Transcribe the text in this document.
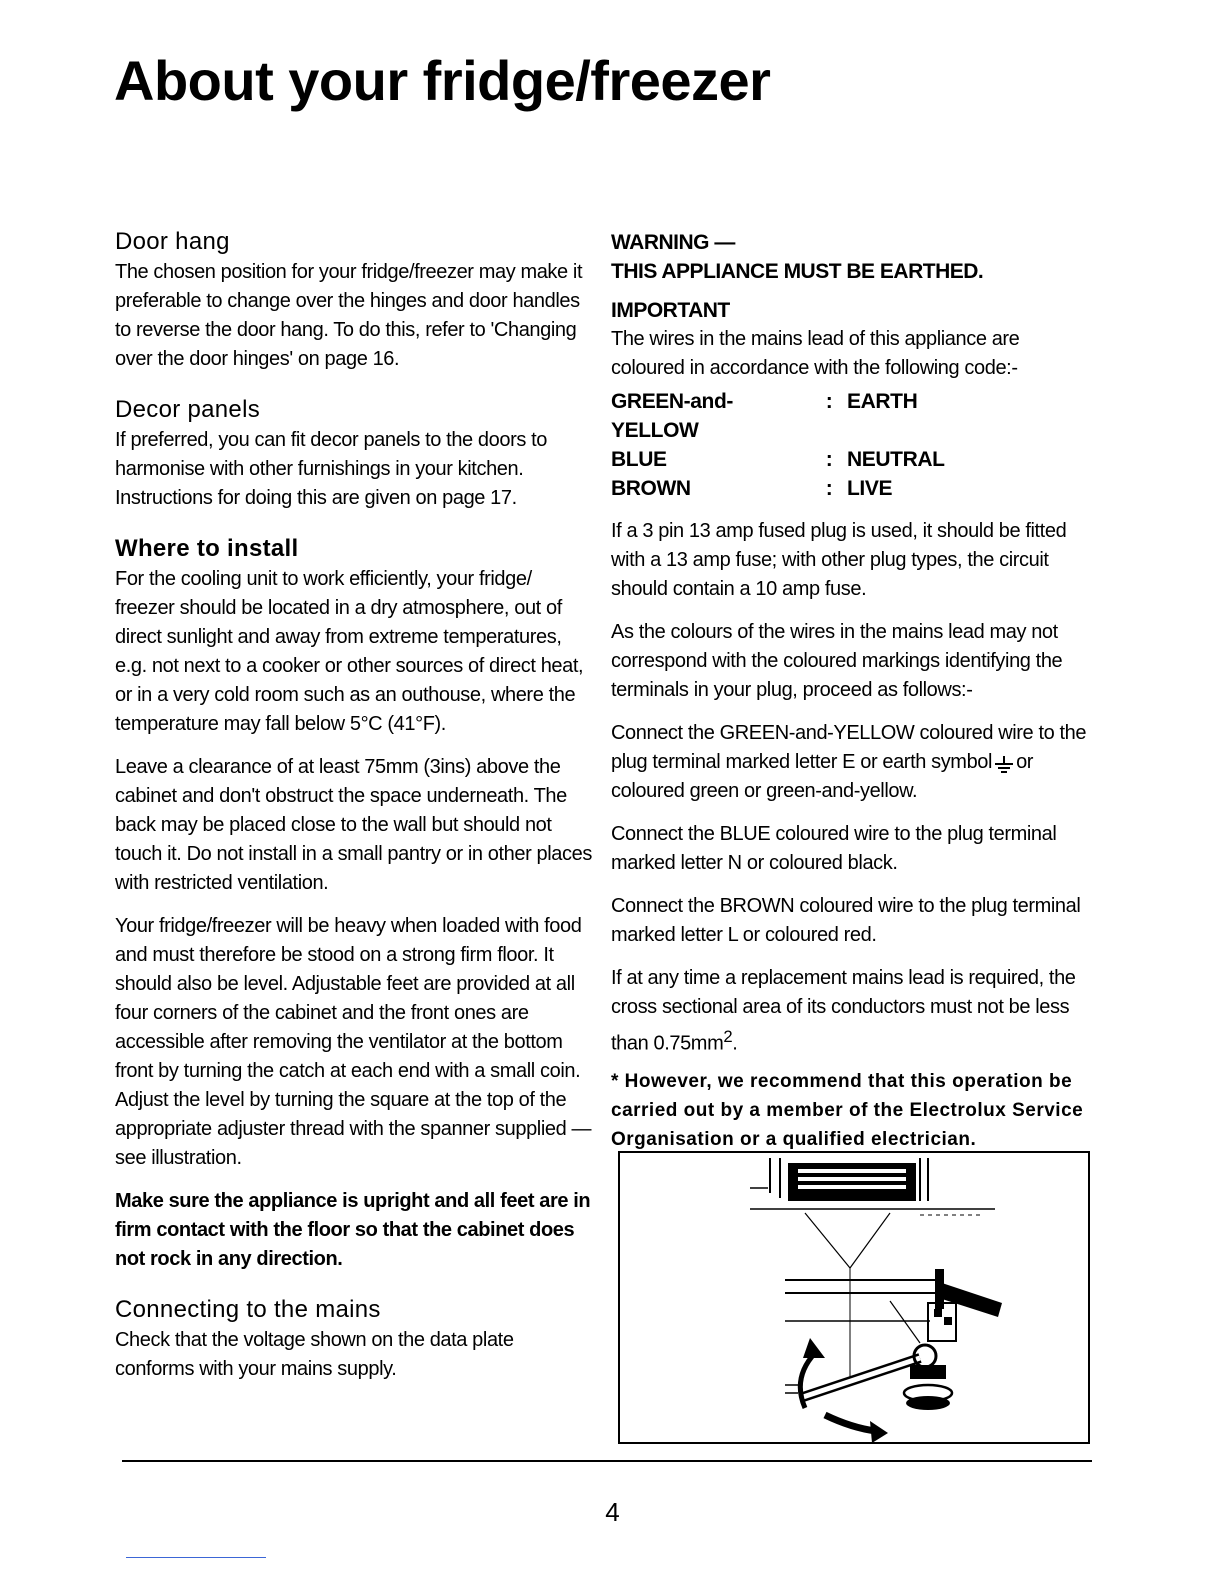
About your fridge/freezer
Door hang

The chosen position for your fridge/freezer may make it preferable to change over the hinges and door handles to reverse the door hang. To do this, refer to 'Changing over the door hinges' on page 16.

Decor panels

If preferred, you can fit decor panels to the doors to harmonise with other furnishings in your kitchen. Instructions for doing this are given on page 17.

Where to install

For the cooling unit to work efficiently, your fridge/ freezer should be located in a dry atmosphere, out of direct sunlight and away from extreme temperatures, e.g. not next to a cooker or other sources of direct heat, or in a very cold room such as an outhouse, where the temperature may fall below 5°C (41°F).

Leave a clearance of at least 75mm (3ins) above the cabinet and don't obstruct the space underneath. The back may be placed close to the wall but should not touch it. Do not install in a small pantry or in other places with restricted ventilation.

Your fridge/freezer will be heavy when loaded with food and must therefore be stood on a strong firm floor. It should also be level. Adjustable feet are provided at all four corners of the cabinet and the front ones are accessible after removing the ventilator at the bottom front by turning the catch at each end with a small coin. Adjust the level by turning the square at the top of the appropriate adjuster thread with the spanner supplied — see illustration.

Make sure the appliance is upright and all feet are in firm contact with the floor so that the cabinet does not rock in any direction.

Connecting to the mains

Check that the voltage shown on the data plate conforms with your mains supply.

WARNING —
THIS APPLIANCE MUST BE EARTHED.
IMPORTANT

The wires in the mains lead of this appliance are coloured in accordance with the following code:-

GREEN-and-YELLOW
: EARTH
BLUE	: NEUTRAL
BROWN	: LIVE

If a 3 pin 13 amp fused plug is used, it should be fitted with a 13 amp fuse; with other plug types, the circuit should contain a 10 amp fuse.

As the colours of the wires in the mains lead may not correspond with the coloured markings identifying the terminals in your plug, proceed as follows:-

Connect the GREEN-and-YELLOW coloured wire to the plug terminal marked letter E or earth symbol or coloured green or green-and-yellow.

Connect the BLUE coloured wire to the plug terminal marked letter N or coloured black.

Connect the BROWN coloured wire to the plug terminal marked letter L or coloured red.

If at any time a replacement mains lead is required, the cross sectional area of its conductors must not be less than $0.75mm^2$.

* However, we recommend that this operation be carried out by a member of the Electrolux Service Organisation or a qualified electrician.
4
